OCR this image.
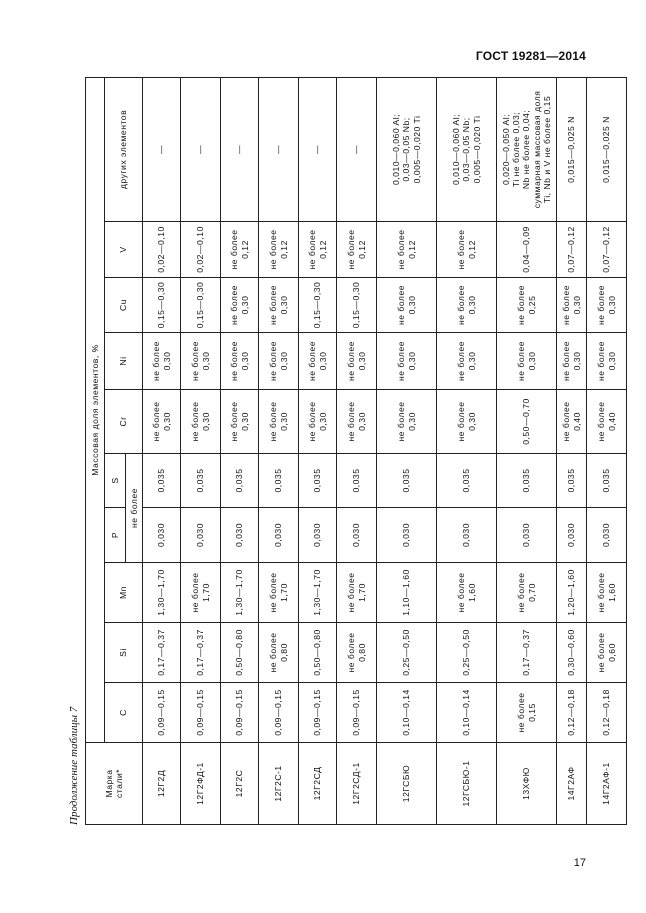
ГОСТ 19281—2014
Продолжение таблицы 7	Марка стали*	Массовая доля элементов, %									
	C	Si	Mn	P	S	Cr	Ni	Cu	V	других элементов
				не более						
12Г2Д	0,09—0,15	0,17—0,37	1,30—1,70	0,030	0,035	не более 0,30	не более 0,30	0,15—0,30	0,02—0,10	—

12Г2ФД-1	0,09—0,15	0,17—0,37	не более 1,70	0,030	0,035	не более 0,30	не более 0,30	0,15—0,30	0,02—0,10	—

12Г2С	0,09—0,15	0,50—0,80	1,30—1,70	0,030	0,035	не более 0,30	не более 0,30	не более 0,30	не более 0,12	—

12Г2С-1	0,09—0,15	не более 0,80	не более 1,70	0,030	0,035	не более 0,30	не более 0,30	не более 0,30	не более 0,12	—

12Г2СД	0,09—0,15	0,50—0,80	1,30—1,70	0,030	0,035	не более 0,30	не более 0,30	0,15—0,30	не более 0,12	—

12Г2СД-1	0,09—0,15	не более 0,80	не более 1,70	0,030	0,035	не более 0,30	не более 0,30	0,15—0,30	не более 0,12	—

12ГСБЮ	0,10—0,14	0,25—0,50	1,10—1,60	0,030	0,035	не более 0,30	не более 0,30	не более 0,30	не более 0,12	0,010—0,060 Al; 0,03—0,05 Nb; 0,005—0,020 Ti

12ГСБЮ-1	0,10—0,14	0,25—0,50	не более 1,60	0,030	0,035	не более 0,30	не более 0,30	не более 0,30	не более 0,12	0,010—0,060 Al; 0,03—0,05 Nb; 0,005—0,020 Ti

13ХФЮ	не более 0,15	0,17—0,37	не более 0,70	0,030	0,035	0,50—0,70	не более 0,30	не более 0,25	0,04—0,09	0,020—0,050 Al; Ti не более 0,03; Nb не более 0,04; суммарная массовая доля Ti, Nb и V не более 0,15

14Г2АФ	0,12—0,18	0,30—0,60	1,20—1,60	0,030	0,035	не более 0,40	не более 0,30	не более 0,30	0,07—0,12	0,015—0,025 N

14Г2АФ-1	0,12—0,18	не более 0,60	не более 1,60	0,030	0,035	не более 0,40	не более 0,30	не более 0,30	0,07—0,12	0,015—0,025 N
17
